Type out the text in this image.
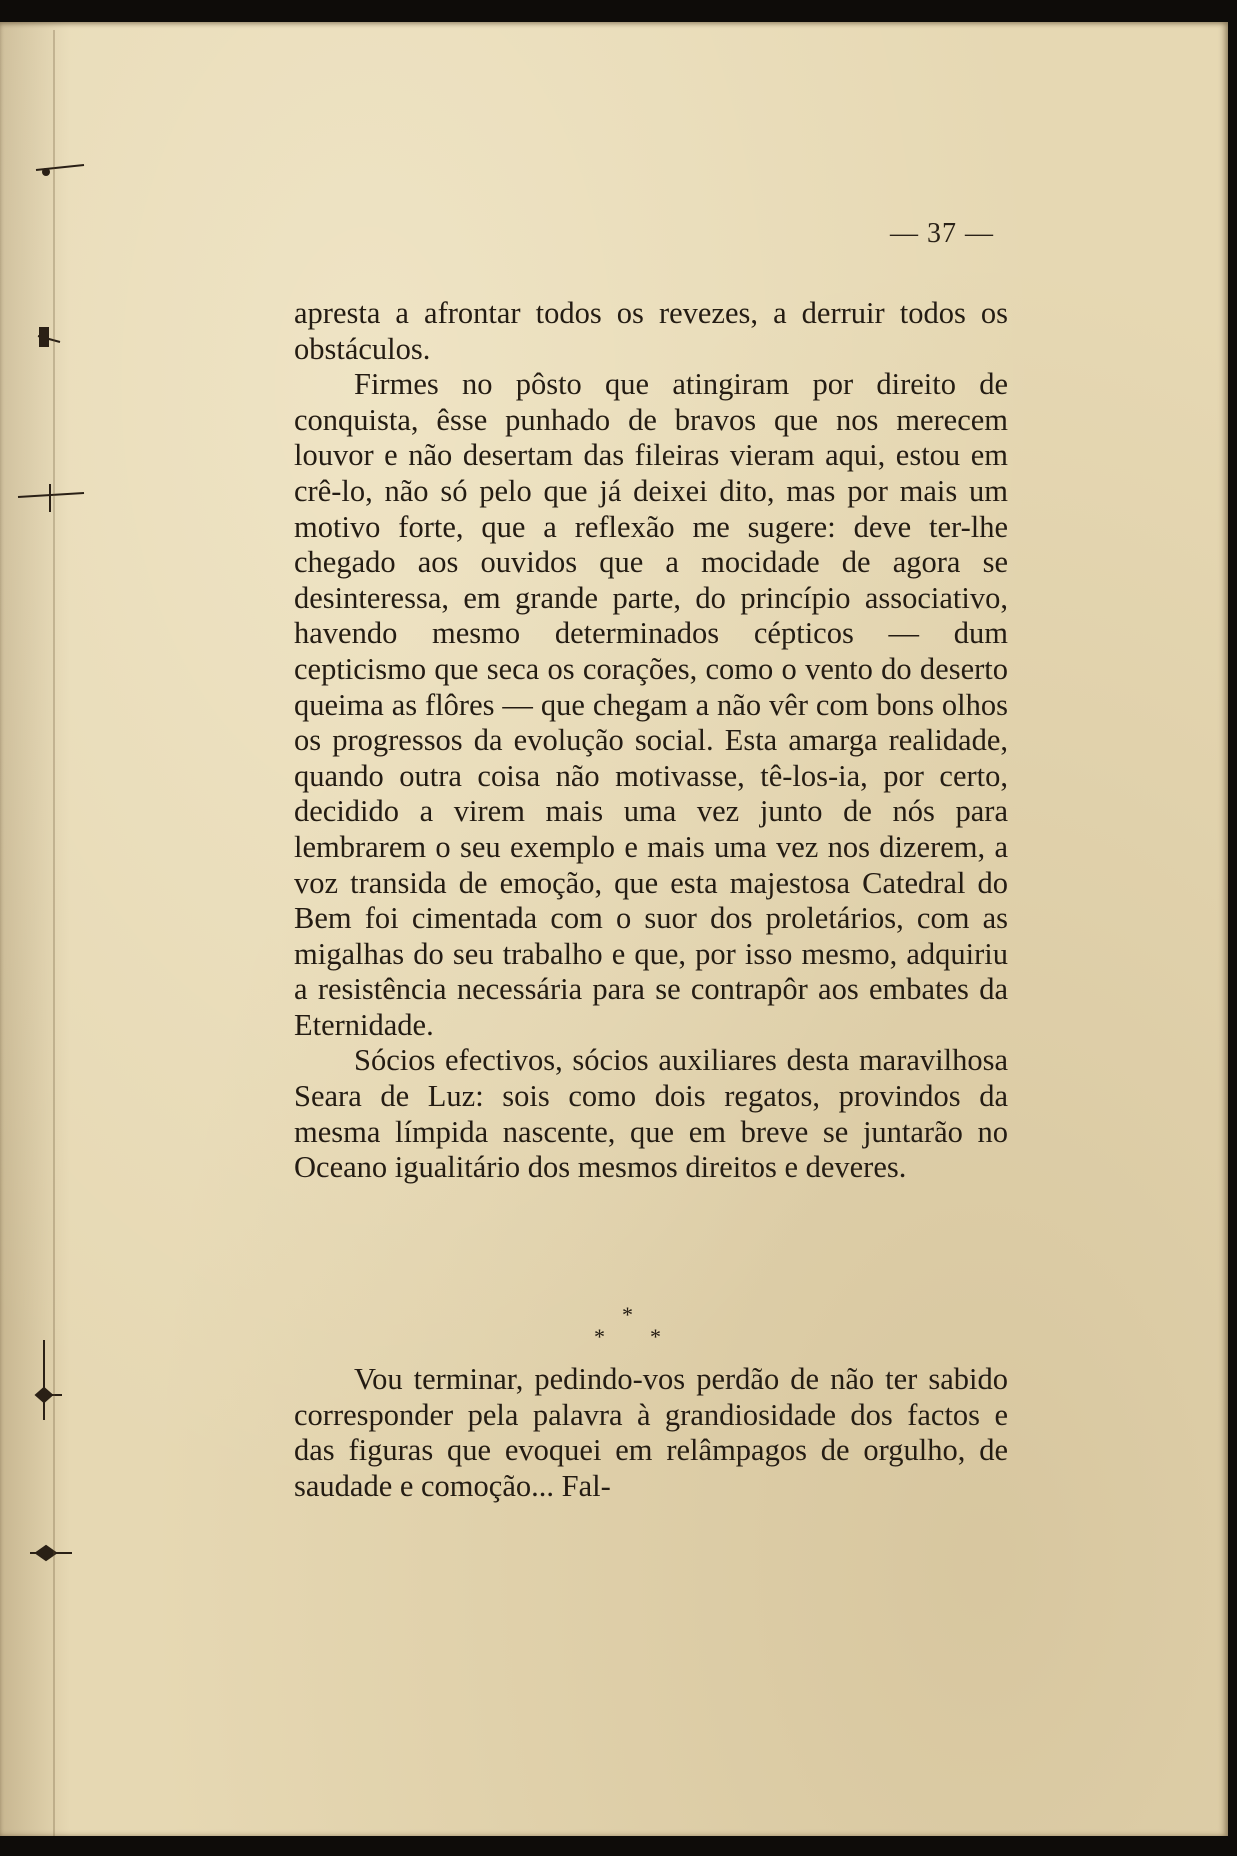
— 37 —

apresta a afrontar todos os revezes, a derruir todos os obstáculos.

Firmes no pôsto que atingiram por direito de conquista, êsse punhado de bravos que nos merecem louvor e não desertam das fileiras vieram aqui, estou em crê-lo, não só pelo que já deixei dito, mas por mais um motivo forte, que a reflexão me sugere: deve ter-lhe chegado aos ouvidos que a mocidade de agora se desinteressa, em grande parte, do princípio associativo, havendo mesmo determinados cépticos — dum cepticismo que seca os corações, como o vento do deserto queima as flôres — que chegam a não vêr com bons olhos os progressos da evolução social. Esta amarga realidade, quando outra coisa não motivasse, tê-los-ia, por certo, decidido a virem mais uma vez junto de nós para lembrarem o seu exemplo e mais uma vez nos dizerem, a voz transida de emoção, que esta majestosa Catedral do Bem foi cimentada com o suor dos proletários, com as migalhas do seu trabalho e que, por isso mesmo, adquiriu a resistência necessária para se contrapôr aos embates da Eternidade.

Sócios efectivos, sócios auxiliares desta maravilhosa Seara de Luz: sois como dois regatos, provindos da mesma límpida nascente, que em breve se juntarão no Oceano igualitário dos mesmos direitos e deveres.

*
* *

Vou terminar, pedindo-vos perdão de não ter sabido corresponder pela palavra à grandiosidade dos factos e das figuras que evoquei em relâmpagos de orgulho, de saudade e comoção... Fal-
